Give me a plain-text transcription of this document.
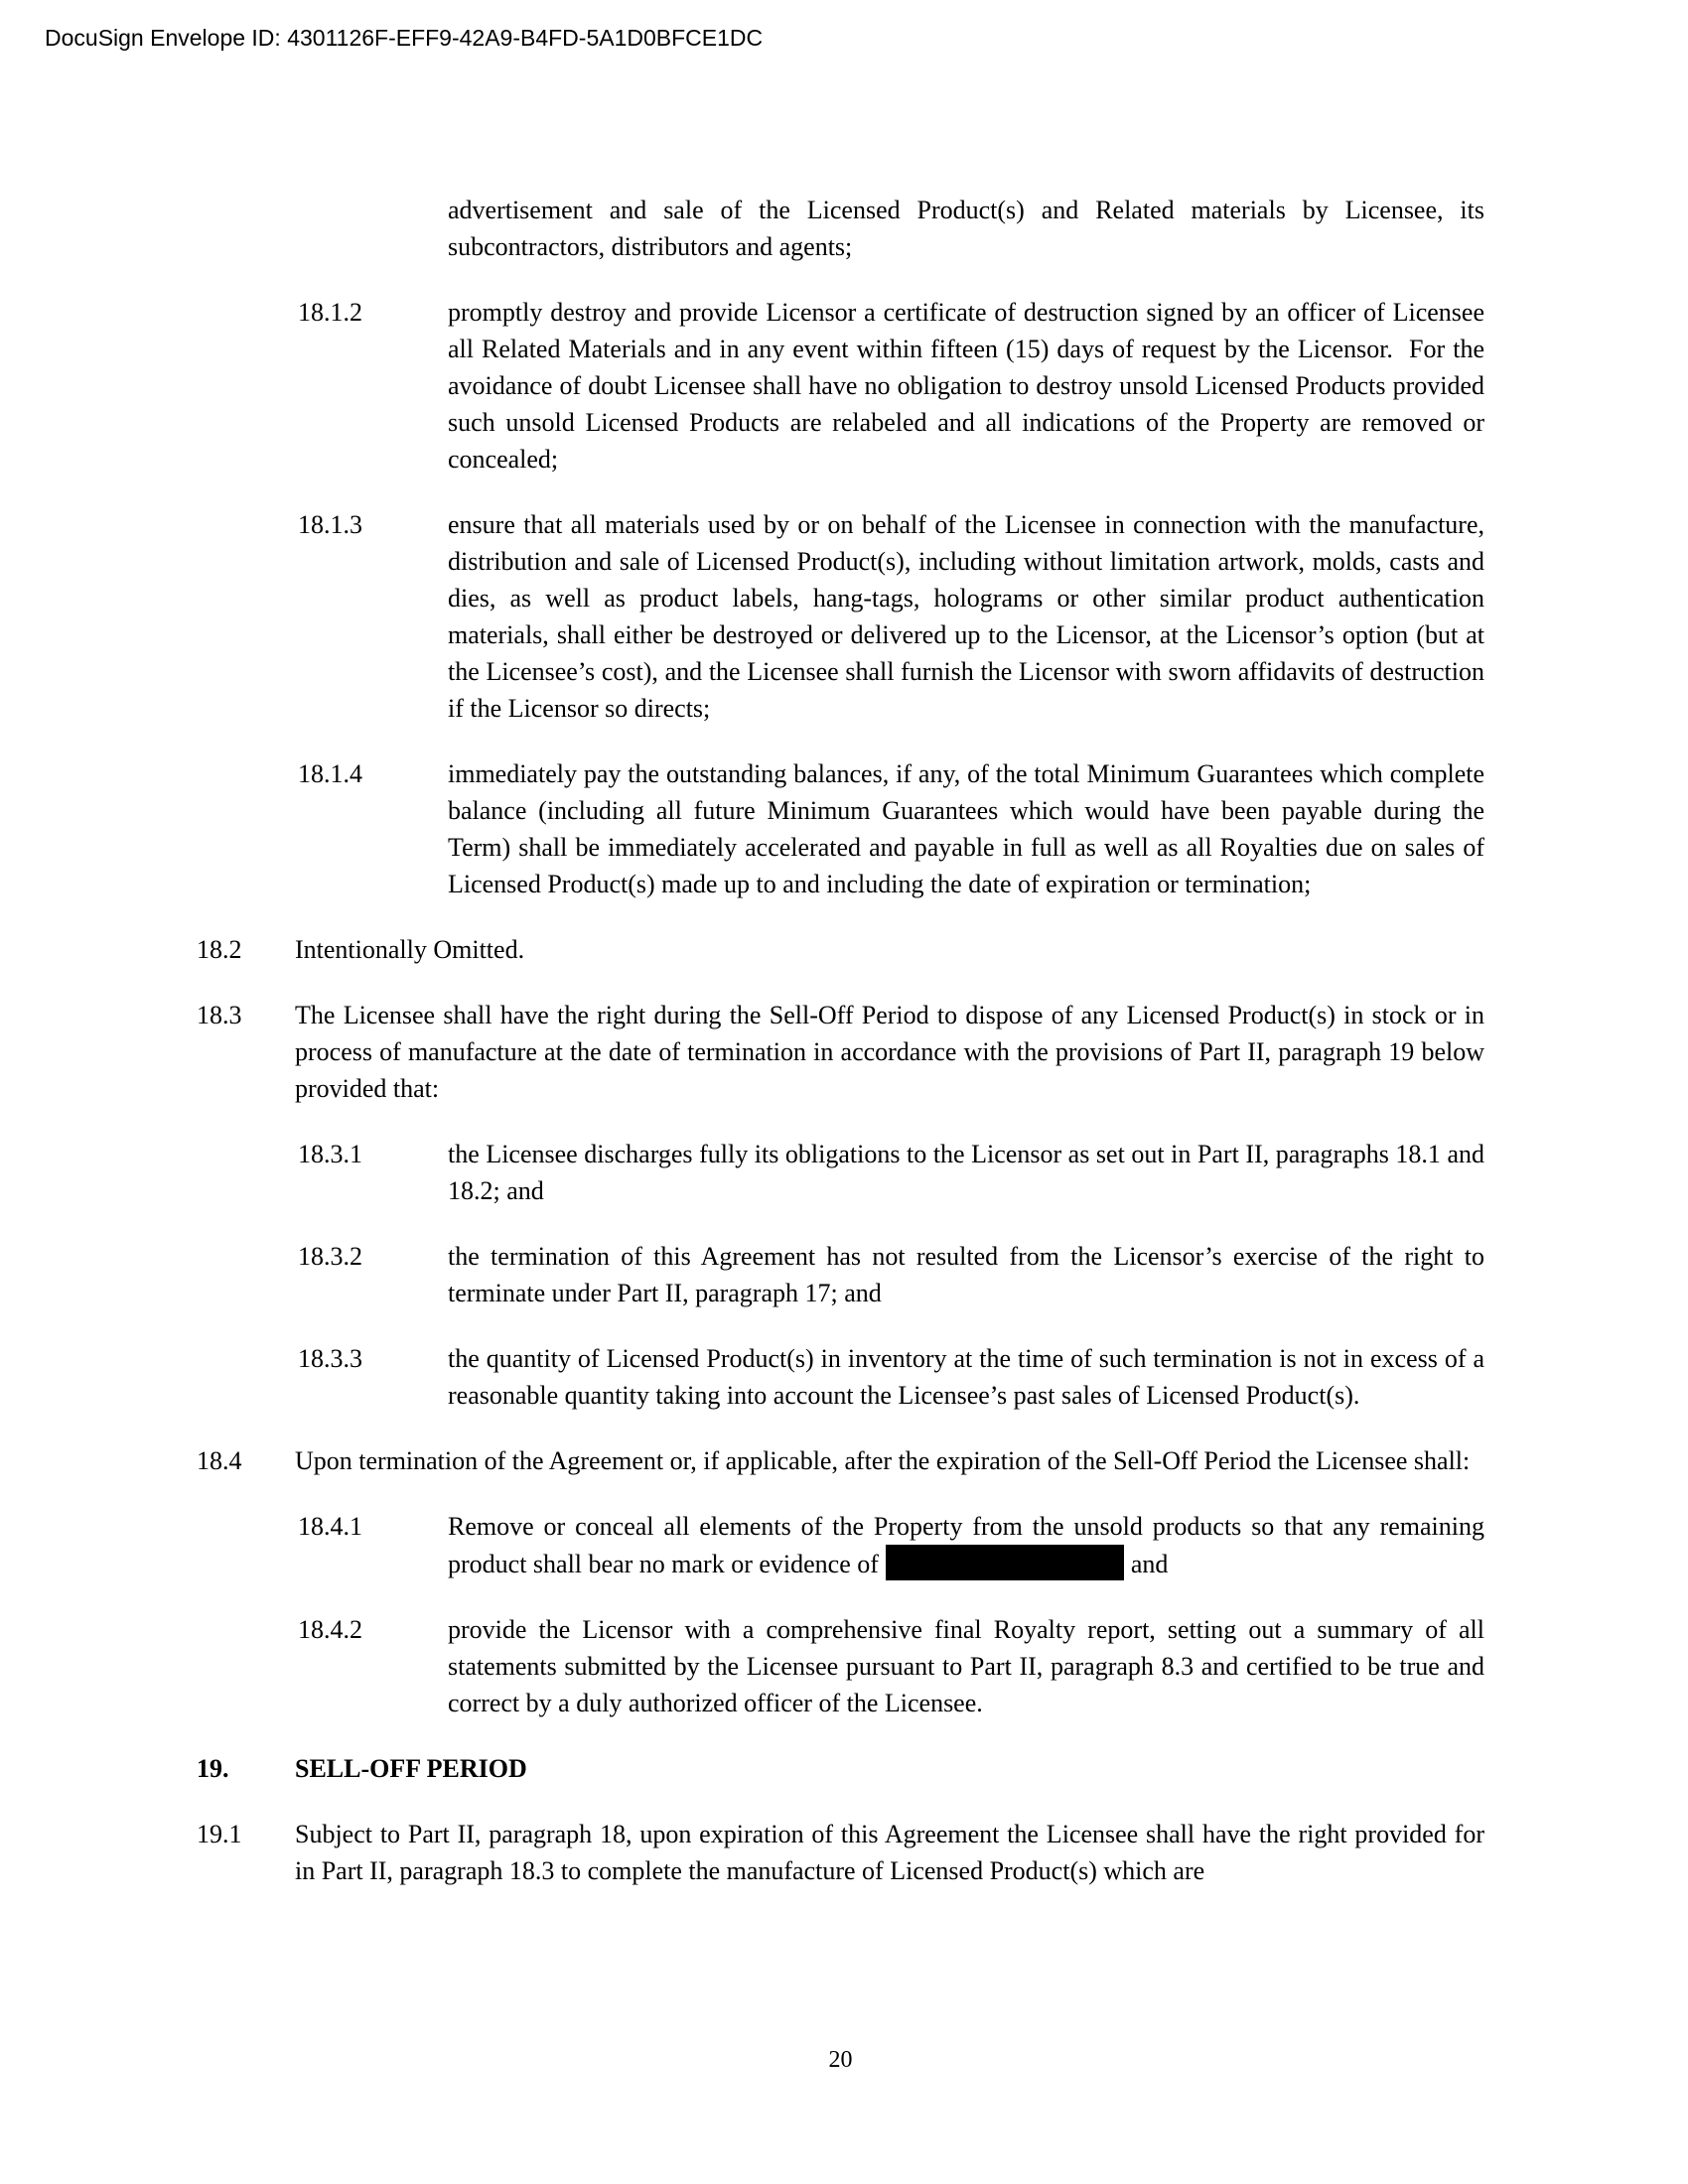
DocuSign Envelope ID: 4301126F-EFF9-42A9-B4FD-5A1D0BFCE1DC
advertisement and sale of the Licensed Product(s) and Related materials by Licensee, its subcontractors, distributors and agents;
18.1.2	promptly destroy and provide Licensor a certificate of destruction signed by an officer of Licensee all Related Materials and in any event within fifteen (15) days of request by the Licensor.  For the avoidance of doubt Licensee shall have no obligation to destroy unsold Licensed Products provided such unsold Licensed Products are relabeled and all indications of the Property are removed or concealed;
18.1.3	ensure that all materials used by or on behalf of the Licensee in connection with the manufacture, distribution and sale of Licensed Product(s), including without limitation artwork, molds, casts and dies, as well as product labels, hang-tags, holograms or other similar product authentication materials, shall either be destroyed or delivered up to the Licensor, at the Licensor’s option (but at the Licensee’s cost), and the Licensee shall furnish the Licensor with sworn affidavits of destruction if the Licensor so directs;
18.1.4	immediately pay the outstanding balances, if any, of the total Minimum Guarantees which complete balance (including all future Minimum Guarantees which would have been payable during the Term) shall be immediately accelerated and payable in full as well as all Royalties due on sales of Licensed Product(s) made up to and including the date of expiration or termination;
18.2	Intentionally Omitted.
18.3	The Licensee shall have the right during the Sell-Off Period to dispose of any Licensed Product(s) in stock or in process of manufacture at the date of termination in accordance with the provisions of Part II, paragraph 19 below provided that:
18.3.1	the Licensee discharges fully its obligations to the Licensor as set out in Part II, paragraphs 18.1 and 18.2; and
18.3.2	the termination of this Agreement has not resulted from the Licensor’s exercise of the right to terminate under Part II, paragraph 17; and
18.3.3	the quantity of Licensed Product(s) in inventory at the time of such termination is not in excess of a reasonable quantity taking into account the Licensee’s past sales of Licensed Product(s).
18.4	Upon termination of the Agreement or, if applicable, after the expiration of the Sell-Off Period the Licensee shall:
18.4.1	Remove or conceal all elements of the Property from the unsold products so that any remaining product shall bear no mark or evidence of	and
18.4.2	provide the Licensor with a comprehensive final Royalty report, setting out a summary of all statements submitted by the Licensee pursuant to Part II, paragraph 8.3 and certified to be true and correct by a duly authorized officer of the Licensee.
19.	SELL-OFF PERIOD
19.1	Subject to Part II, paragraph 18, upon expiration of this Agreement the Licensee shall have the right provided for in Part II, paragraph 18.3 to complete the manufacture of Licensed Product(s) which are
20
